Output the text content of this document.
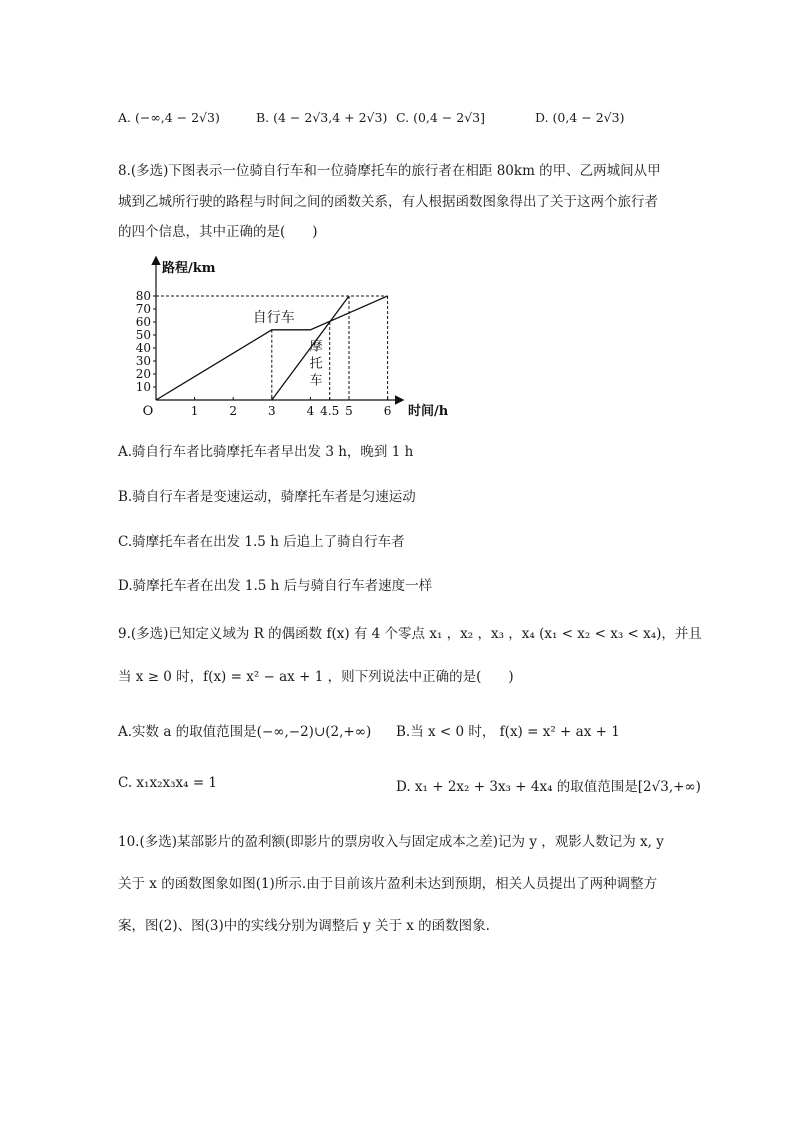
A. (−∞,4 − 2√3)	B. (4 − 2√3,4 + 2√3) C. (0,4 − 2√3]	D. (0,4 − 2√3)
8.(多选)下图表示一位骑自行车和一位骑摩托车的旅行者在相距 80km 的甲、乙两城间从甲
城到乙城所行驶的路程与时间之间的函数关系，有人根据函数图象得出了关于这两个旅行者
的四个信息，其中正确的是(　　)
O
路程/km
时间/h
10
20
30
40
50
60
70
80
1	2	3	4 4.5 5	6
自行车
摩
托
车
A.骑自行车者比骑摩托车者早出发 3 h，晚到 1 h
B.骑自行车者是变速运动，骑摩托车者是匀速运动
C.骑摩托车者在出发 1.5 h 后追上了骑自行车者
D.骑摩托车者在出发 1.5 h 后与骑自行车者速度一样
9.(多选)已知定义域为 R 的偶函数 f(x) 有 4 个零点 x₁ ，x₂ ，x₃ ，x₄ (x₁ < x₂ < x₃ < x₄)，并且
当 x ≥ 0 时，f(x) = x² − ax + 1 ，则下列说法中正确的是(　　)
A.实数 a 的取值范围是(−∞,−2)∪(2,+∞) B.当 x < 0 时， f(x) = x² + ax + 1
C. x₁x₂x₃x₄ = 1	D. x₁ + 2x₂ + 3x₃ + 4x₄ 的取值范围是[2√3,+∞)
10.(多选)某部影片的盈利额(即影片的票房收入与固定成本之差)记为 y ，观影人数记为 x, y
关于 x 的函数图象如图(1)所示.由于目前该片盈利未达到预期，相关人员提出了两种调整方
案，图(2)、图(3)中的实线分别为调整后 y 关于 x 的函数图象.
